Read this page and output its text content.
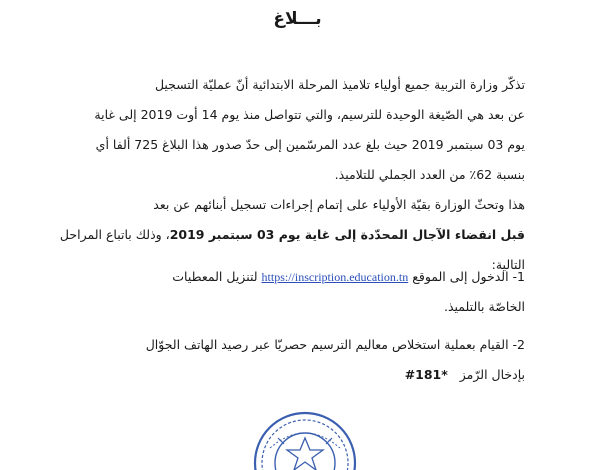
بـــلاغ
تذكّر وزارة التربية جميع أولياء تلاميذ المرحلة الابتدائية أنّ عمليّة التسجيل
عن بعد هي الصّيغة الوحيدة للترسيم، والتي تتواصل منذ يوم 14 أوت 2019 إلى غاية
يوم 03 سبتمبر 2019 حيث بلغ عدد المرسّمين إلى حدّ صدور هذا البلاغ 725 ألفا أي
بنسبة 62٪ من العدد الجملي للتلاميذ.
هذا وتحثّ الوزارة بقيّة الأولياء على إتمام إجراءات تسجيل أبنائهم عن بعد
قبل انقضاء الآجال المحدّدة إلى غاية يوم 03 سبتمبر 2019، وذلك باتباع المراحل
التالية:
1- الدخول إلى الموقع https://inscription.education.tn لتنزيل المعطيات
الخاصّة بالتلميذ.
2- القيام بعملية استخلاص معاليم الترسيم حصريّا عبر رصيد الهاتف الجوّال
بإدخال الرّمز #181*
